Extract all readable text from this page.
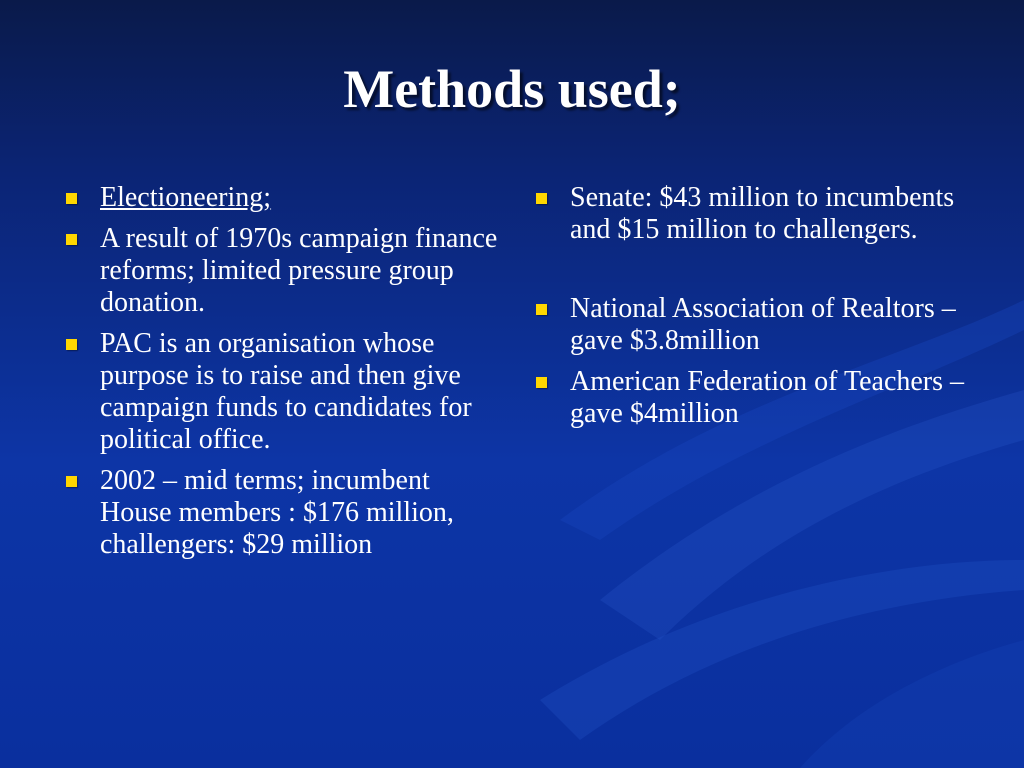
Methods used;
Electioneering;
A result of 1970s campaign finance reforms; limited pressure group donation.
PAC is an organisation whose purpose is to raise and then give campaign funds to candidates for political office.
2002 – mid terms; incumbent House members : $176 million, challengers: $29 million
Senate: $43 million to incumbents and $15 million to challengers.
National Association of Realtors – gave $3.8million
American Federation of Teachers – gave $4million
